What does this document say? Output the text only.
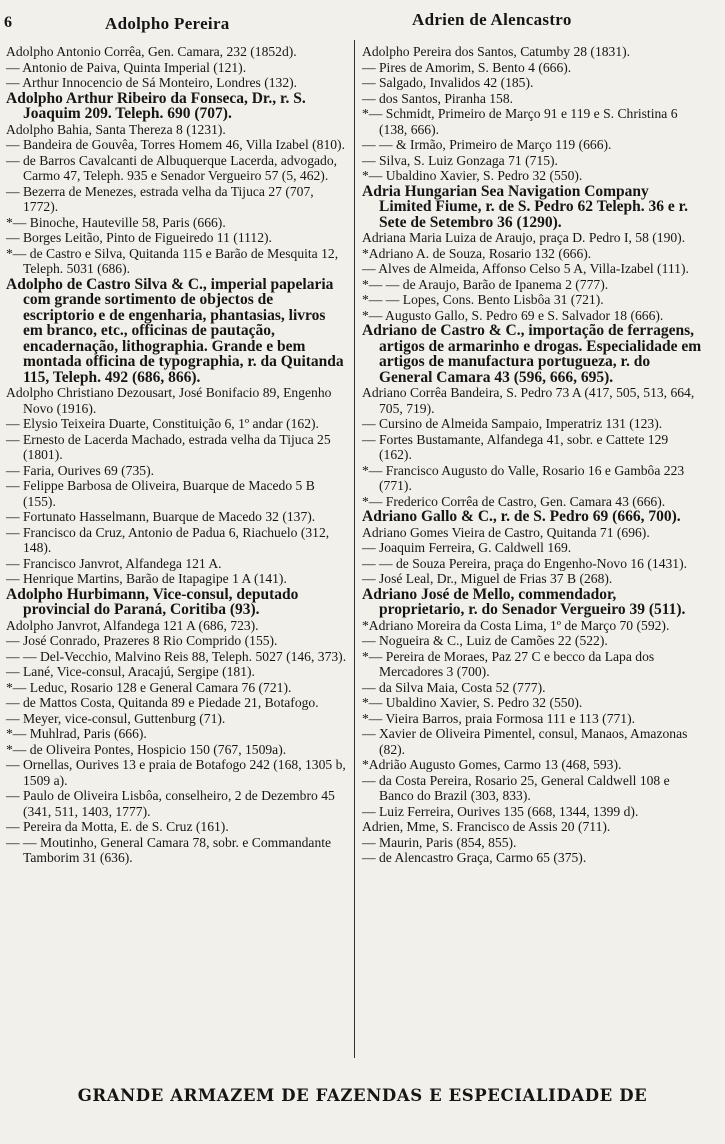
6	Adolpho Pereira	Adrien de Alencastro

Adolpho Antonio Corrêa, Gen. Camara, 232 (1852d).

— Antonio de Paiva, Quinta Imperial (121).

— Arthur Innocencio de Sá Monteiro, Londres (132).

Adolpho Arthur Ribeiro da Fonseca, Dr., r. S. Joaquim 209. Teleph. 690 (707).

Adolpho Bahia, Santa Thereza 8 (1231).

— Bandeira de Gouvêa, Torres Homem 46, Villa Izabel (810).

— de Barros Cavalcanti de Albuquerque Lacerda, advogado, Carmo 47, Teleph. 935 e Senador Vergueiro 57 (5, 462).

— Bezerra de Menezes, estrada velha da Tijuca 27 (707, 1772).

*— Binoche, Hauteville 58, Paris (666).

— Borges Leitão, Pinto de Figueiredo 11 (1112).

*— de Castro e Silva, Quitanda 115 e Barão de Mesquita 12, Teleph. 5031 (686).

Adolpho de Castro Silva & C., imperial papelaria com grande sortimento de objectos de escriptorio e de engenharia, phantasias, livros em branco, etc., officinas de pautação, encadernação, lithographia. Grande e bem montada officina de typographia, r. da Quitanda 115, Teleph. 492 (686, 866).

Adolpho Christiano Dezousart, José Bonifacio 89, Engenho Novo (1916).

— Elysio Teixeira Duarte, Constituição 6, 1º andar (162).

— Ernesto de Lacerda Machado, estrada velha da Tijuca 25 (1801).

— Faria, Ourives 69 (735).

— Felippe Barbosa de Oliveira, Buarque de Macedo 5 B (155).

— Fortunato Hasselmann, Buarque de Macedo 32 (137).

— Francisco da Cruz, Antonio de Padua 6, Riachuelo (312, 148).

— Francisco Janvrot, Alfandega 121 A.

— Henrique Martins, Barão de Itapagipe 1 A (141).

Adolpho Hurbimann, Vice-consul, deputado provincial do Paraná, Coritiba (93).

Adolpho Janvrot, Alfandega 121 A (686, 723).

— José Conrado, Prazeres 8 Rio Comprido (155).

— — Del-Vecchio, Malvino Reis 88, Teleph. 5027 (146, 373).

— Lané, Vice-consul, Aracajú, Sergipe (181).

*— Leduc, Rosario 128 e General Camara 76 (721).

— de Mattos Costa, Quitanda 89 e Piedade 21, Botafogo.

— Meyer, vice-consul, Guttenburg (71).

*— Muhlrad, Paris (666).

*— de Oliveira Pontes, Hospicio 150 (767, 1509a).

— Ornellas, Ourives 13 e praia de Botafogo 242 (168, 1305 b, 1509 a).

— Paulo de Oliveira Lisbôa, conselheiro, 2 de Dezembro 45 (341, 511, 1403, 1777).

— Pereira da Motta, E. de S. Cruz (161).

— — Moutinho, General Camara 78, sobr. e Commandante Tamborim 31 (636).

Adolpho Pereira dos Santos, Catumby 28 (1831).

— Pires de Amorim, S. Bento 4 (666).

— Salgado, Invalidos 42 (185).

— dos Santos, Piranha 158.

*— Schmidt, Primeiro de Março 91 e 119 e S. Christina 6 (138, 666).

— — & Irmão, Primeiro de Março 119 (666).

— Silva, S. Luiz Gonzaga 71 (715).

*— Ubaldino Xavier, S. Pedro 32 (550).

Adria Hungarian Sea Navigation Company Limited Fiume, r. de S. Pedro 62 Teleph. 36 e r. Sete de Setembro 36 (1290).

Adriana Maria Luiza de Araujo, praça D. Pedro I, 58 (190).

*Adriano A. de Souza, Rosario 132 (666).

— Alves de Almeida, Affonso Celso 5 A, Villa-Izabel (111).

*— — de Araujo, Barão de Ipanema 2 (777).

*— — Lopes, Cons. Bento Lisbôa 31 (721).

*— Augusto Gallo, S. Pedro 69 e S. Salvador 18 (666).

Adriano de Castro & C., importação de ferragens, artigos de armarinho e drogas. Especialidade em artigos de manufactura portugueza, r. do General Camara 43 (596, 666, 695).

Adriano Corrêa Bandeira, S. Pedro 73 A (417, 505, 513, 664, 705, 719).

— Cursino de Almeida Sampaio, Imperatriz 131 (123).

— Fortes Bustamante, Alfandega 41, sobr. e Cattete 129 (162).

*— Francisco Augusto do Valle, Rosario 16 e Gambôa 223 (771).

*— Frederico Corrêa de Castro, Gen. Camara 43 (666).

Adriano Gallo & C., r. de S. Pedro 69 (666, 700).

Adriano Gomes Vieira de Castro, Quitanda 71 (696).

— Joaquim Ferreira, G. Caldwell 169.

— — de Souza Pereira, praça do Engenho-Novo 16 (1431).

— José Leal, Dr., Miguel de Frias 37 B (268).

Adriano José de Mello, commendador, proprietario, r. do Senador Vergueiro 39 (511).

*Adriano Moreira da Costa Lima, 1º de Março 70 (592).

— Nogueira & C., Luiz de Camões 22 (522).

*— Pereira de Moraes, Paz 27 C e becco da Lapa dos Mercadores 3 (700).

— da Silva Maia, Costa 52 (777).

*— Ubaldino Xavier, S. Pedro 32 (550).

*— Vieira Barros, praia Formosa 111 e 113 (771).

— Xavier de Oliveira Pimentel, consul, Manaos, Amazonas (82).

*Adrião Augusto Gomes, Carmo 13 (468, 593).

— da Costa Pereira, Rosario 25, General Caldwell 108 e Banco do Brazil (303, 833).

— Luiz Ferreira, Ourives 135 (668, 1344, 1399 d).

Adrien, Mme, S. Francisco de Assis 20 (711).

— Maurin, Paris (854, 855).

— de Alencastro Graça, Carmo 65 (375).

GRANDE ARMAZEM DE FAZENDAS E ESPECIALIDADE DE
